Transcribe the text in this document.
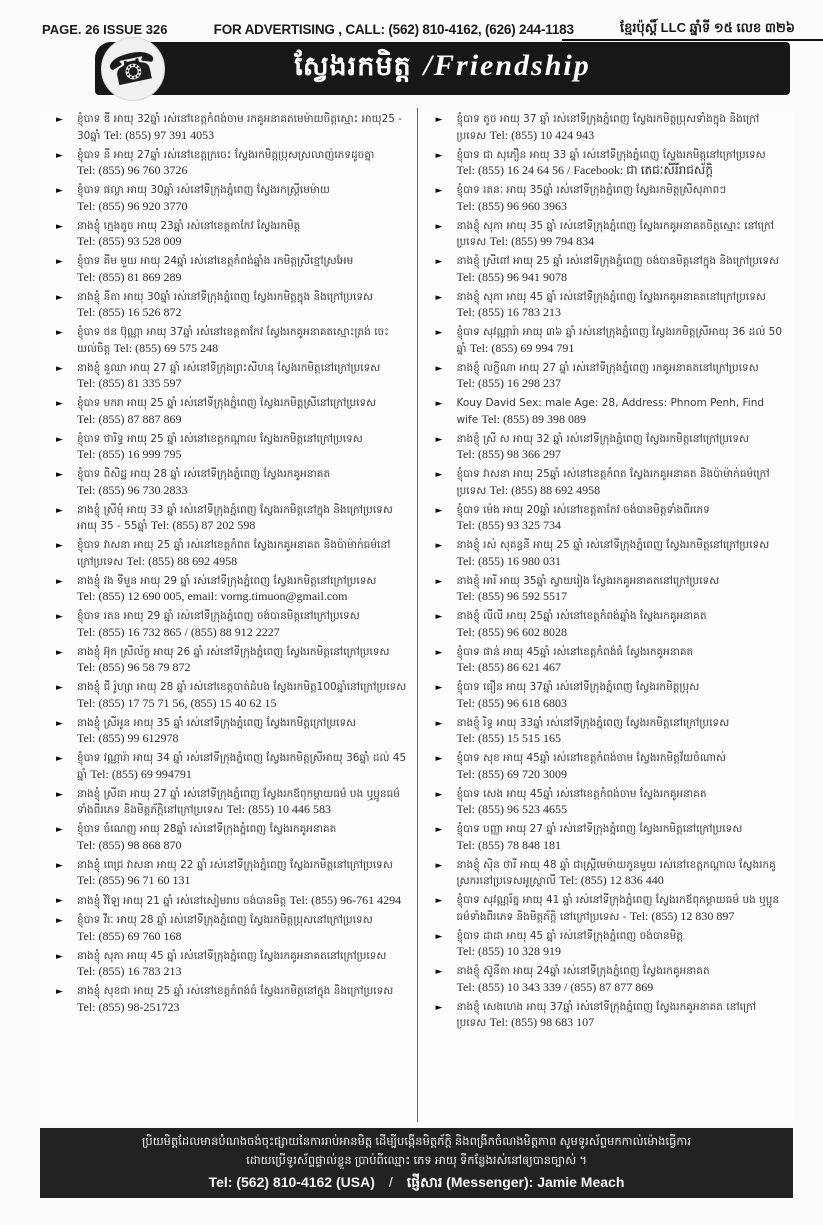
PAGE. 26 ISSUE 326	FOR ADVERTISING , CALL: (562) 810-4162, (626) 244-1183	ខ្មែរប៉ុស្ដិ៍ LLC ឆ្នាំទី ១៥ លេខ ៣២៦
☎	ស្វែងរកមិត្ត /Friendship
► ខ្ញុំបាទ ឌី អាយុ 32ឆ្នាំ រស់នៅខេត្តកំពង់ចាម រកគូអនាគតមេម៉ាយចិត្តស្មោះ អាយុ25 - 30ឆ្នាំ Tel: (855) 97 391 4053
► ខ្ញុំបាទ នី អាយុ 27ឆ្នាំ រស់នៅខេត្តក្រចេះ ស្វែងរកមិត្តប្រុសស្រលាញ់ភេទដូចគ្នា Tel: (855) 96 760 3726
► ខ្ញុំបាទ ផល្លា អាយុ 30ឆ្នាំ រស់នៅទីក្រុងភ្នំពេញ ស្វែងរកស្ត្រីមេម៉ាយ Tel: (855) 96 920 3770
► នាងខ្ញុំ ក្មេងតូច អាយុ 23ឆ្នាំ រស់នៅខេត្តតាកែវ ស្វែងរកមិត្ត Tel: (855) 93 528 009
► ខ្ញុំបាទ គីម មួយ អាយុ 24ឆ្នាំ រស់នៅខេត្តកំពង់ឆ្នាំង រកមិត្តស្រីខ្មៅស្រអែម Tel: (855) 81 869 289
► នាងខ្ញុំ នីតា អាយុ 30ឆ្នាំ រស់នៅទីក្រុងភ្នំពេញ ស្វែងរកមិត្តក្នុង និងក្រៅប្រទេស Tel: (855) 16 526 872
► ខ្ញុំបាទ ថន ប៊ុណ្ណា អាយុ 37ឆ្នាំ រស់នៅខេត្តតាកែវ ស្វែងរកគូអនាគតស្មោះត្រង់ ចេះយល់ចិត្ត Tel: (855) 69 575 248
► នាងខ្ញុំ នួឈា អាយុ 27 ឆ្នាំ រស់នៅទីក្រុងព្រះសីហនុ ស្វែងរកមិត្តនៅក្រៅប្រទេស Tel: (855) 81 335 597
► ខ្ញុំបាទ មករា អាយុ 25 ឆ្នាំ រស់នៅទីក្រុងភ្នំពេញ ស្វែងរកមិត្តស្រីនៅក្រៅប្រទេស Tel: (855) 87 887 869
► ខ្ញុំបាទ ថារិទ្ធ អាយុ 25 ឆ្នាំ រស់នៅខេត្តកណ្ដាល ស្វែងរកមិត្តនៅក្រៅប្រទេស Tel: (855) 16 999 795
► ខ្ញុំបាទ ពិសិដ្ឋ អាយុ 28 ឆ្នាំ រស់នៅទីក្រុងភ្នំពេញ ស្វែងរកគូអនាគត Tel: (855) 96 730 2833
► នាងខ្ញុំ ស្រីមុំ អាយុ 33 ឆ្នាំ រស់នៅទីក្រុងភ្នំពេញ ស្វែងរកមិត្តនៅក្នុង និងក្រៅប្រទេស អាយុ 35 - 55ឆ្នាំ Tel: (855) 87 202 598
► ខ្ញុំបាទ វាសនា អាយុ 25 ឆ្នាំ រស់នៅខេត្តកំពត ស្វែងរកគូអនាគត និងប៉ាម៉ាក់ធម៌នៅក្រៅប្រទេស Tel: (855) 88 692 4958
► នាងខ្ញុំ វង ទីមួន អាយុ 29 ឆ្នាំ រស់នៅទីក្រុងភ្នំពេញ ស្វែងរកមិត្តនៅក្រៅប្រទេស Tel: (855) 12 690 005, email: vorng.timuon@gmail.com
► ខ្ញុំបាទ រតន អាយុ 29 ឆ្នាំ រស់នៅទីក្រុងភ្នំពេញ ចង់បានមិត្តនៅក្រៅប្រទេស Tel: (855) 16 732 865 / (855) 88 912 2227
► នាងខ្ញុំ អ៊ុក ស្រីល័ក្ខ អាយុ 26 ឆ្នាំ រស់នៅទីក្រុងភ្នំពេញ ស្វែងរកមិត្តនៅក្រៅប្រទេស Tel: (855) 96 58 79 872
► នាងខ្ញុំ ជី រ៉ូហ្សា អាយុ 28 ឆ្នាំ រស់នៅខេត្តបាត់ដំបង ស្វែងរកមិត្ត100ឆ្នាំនៅក្រៅប្រទេស Tel: (855) 17 75 71 56, (855) 15 40 62 15
► នាងខ្ញុំ ស្រីអូន អាយុ 35 ឆ្នាំ រស់នៅទីក្រុងភ្នំពេញ ស្វែងរកមិត្តក្រៅប្រទេស Tel: (855) 99 612978
► ខ្ញុំបាទ វណ្ណារ៉ា អាយុ 34 ឆ្នាំ រស់នៅទីក្រុងភ្នំពេញ ស្វែងរកមិត្តស្រីអាយុ 36ឆ្នាំ ដល់ 45 ឆ្នាំ Tel: (855) 69 994791
► នាងខ្ញុំ ស្រីដា អាយុ 27 ឆ្នាំ រស់នៅទីក្រុងភ្នំពេញ ស្វែងរកឪពុកម្ដាយធម៌ បង ឬប្អូនធម៌ទាំងពីរភេទ និងមិត្តភ័ក្ដិនៅក្រៅប្រទេស Tel: (855) 10 446 583
► ខ្ញុំបាទ ចំណេញ អាយុ 28ឆ្នាំ រស់នៅទីក្រុងភ្នំពេញ ស្វែងរកគូអនាគត Tel: (855) 98 868 870
► នាងខ្ញុំ ពេជ្រ វាសនា អាយុ 22 ឆ្នាំ រស់នៅទីក្រុងភ្នំពេញ ស្វែងរកមិត្តនៅក្រៅប្រទេស Tel: (855) 96 71 60 131
► នាងខ្ញុំ វិឡៃ អាយុ 21 ឆ្នាំ រស់នៅសៀមរាប ចង់បានមិត្ត Tel: (855) 96-761 4294
► ខ្ញុំបាទ វីរៈ អាយុ 28 ឆ្នាំ រស់នៅទីក្រុងភ្នំពេញ ស្វែងរកមិត្តប្រុសនៅក្រៅប្រទេស Tel: (855) 69 760 168
► នាងខ្ញុំ សុភា អាយុ 45 ឆ្នាំ រស់នៅទីក្រុងភ្នំពេញ ស្វែងរកគូអនាគតនៅក្រៅប្រទេស Tel: (855) 16 783 213
► នាងខ្ញុំ សុខជា អាយុ 25 ឆ្នាំ រស់នៅខេត្តកំពង់ធំ ស្វែងរកមិត្តនៅក្នុង និងក្រៅប្រទេស Tel: (855) 98-251723
► ខ្ញុំបាទ តូច អាយុ 37 ឆ្នាំ រស់នៅទីក្រុងភ្នំពេញ ស្វែងរកមិត្តប្រុសទាំងក្នុង និងក្រៅប្រទេស Tel: (855) 10 424 943
► ខ្ញុំបាទ ជា សុភឿន អាយុ 33 ឆ្នាំ រស់នៅទីក្រុងភ្នំពេញ ស្វែងរកមិត្តនៅក្រៅប្រទេស Tel: (855) 16 24 64 56 / Facebook: ជា តេជៈសីរីរាជស័ក្ដិ
► ខ្ញុំបាទ រតនៈ អាយុ 35ឆ្នាំ រស់នៅទីក្រុងភ្នំពេញ ស្វែងរកមិត្តស្រីសុភាពៗ Tel: (855) 96 960 3963
► នាងខ្ញុំ សុភា អាយុ 35 ឆ្នាំ រស់នៅទីក្រុងភ្នំពេញ ស្វែងរកគូអនាគតចិត្តស្មោះ នៅក្រៅប្រទេស Tel: (855) 99 794 834
► នាងខ្ញុំ ស្រីពៅ អាយុ 25 ឆ្នាំ រស់នៅទីក្រុងភ្នំពេញ ចង់បានមិត្តនៅក្នុង និងក្រៅប្រទេស Tel: (855) 96 941 9078
► នាងខ្ញុំ សុភា អាយុ 45 ឆ្នាំ រស់នៅទីក្រុងភ្នំពេញ ស្វែងរកគូអនាគតនៅក្រៅប្រទេស Tel: (855) 16 783 213
► ខ្ញុំបាទ សុវណ្ណារ៉ា អាយុ ៣៦ ឆ្នាំ រស់នៅក្រុងភ្នំពេញ ស្វែងរកមិត្តស្រីអាយុ 36 ដល់ 50 ឆ្នាំ Tel: (855) 69 994 791
► នាងខ្ញុំ លក្ខិណា អាយុ 27 ឆ្នាំ រស់នៅទីក្រុងភ្នំពេញ រកគូអនាគតនៅក្រៅប្រទេស Tel: (855) 16 298 237
► Kouy David Sex: male Age: 28, Address: Phnom Penh, Find wife Tel: (855) 89 398 089
► នាងខ្ញុំ ស្រី ស អាយុ 32 ឆ្នាំ រស់នៅទីក្រុងភ្នំពេញ ស្វែងរកមិត្តនៅក្រៅប្រទេស Tel: (855) 98 366 297
► ខ្ញុំបាទ វាសនា អាយុ 25ឆ្នាំ រស់នៅខេត្តកំពត ស្វែងរកគូអនាគត និងប៉ាម៉ាក់ធម៌ក្រៅប្រទេស Tel: (855) 88 692 4958
► ខ្ញុំបាទ ម៉េង អាយុ 20ឆ្នាំ រស់នៅខេត្តតាកែវ ចង់បានមិត្តទាំងពីរភេទ Tel: (855) 93 325 734
► នាងខ្ញុំ រស់ សុគន្ធនី អាយុ 25 ឆ្នាំ រស់នៅទីក្រុងភ្នំពេញ ស្វែងរកមិត្តនៅក្រៅប្រទេស Tel: (855) 16 980 031
► នាងខ្ញុំ អារី អាយុ 35ឆ្នាំ ស្វាយរៀង ស្វែងរកគូអនាគតនៅក្រៅប្រទេស Tel: (855) 96 592 5517
► នាងខ្ញុំ លីលី អាយុ 25ឆ្នាំ រស់នៅខេត្តកំពង់ឆ្នាំង ស្វែងរកគូអនាគត Tel: (855) 96 602 8028
► ខ្ញុំបាទ ផាន់ អាយុ 45ឆ្នាំ រស់នៅខេត្តកំពង់ធំ ស្វែងរកគូអនាគត Tel: (855) 86 621 467
► ខ្ញុំបាទ ធឿន អាយុ 37ឆ្នាំ រស់នៅទីក្រុងភ្នំពេញ ស្វែងរកមិត្តប្រុស Tel: (855) 96 618 6803
► នាងខ្ញុំ រិទ្ធ អាយុ 33ឆ្នាំ រស់នៅទីក្រុងភ្នំពេញ ស្វែងរកមិត្តនៅក្រៅប្រទេស Tel: (855) 15 515 165
► ខ្ញុំបាទ សុខ អាយុ 45ឆ្នាំ រស់នៅខេត្តកំពង់ចាម ស្វែងរកមិត្តវ័យចំណាស់ Tel: (855) 69 720 3009
► ខ្ញុំបាទ សេង អាយុ 45ឆ្នាំ រស់នៅខេត្តកំពង់ចាម ស្វែងរកគូអនាគត Tel: (855) 96 523 4655
► ខ្ញុំបាទ បញ្ញា អាយុ 27 ឆ្នាំ រស់នៅទីក្រុងភ្នំពេញ ស្វែងរកមិត្តនៅក្រៅប្រទេស Tel: (855) 78 848 181
► នាងខ្ញុំ ស៊ិន ថារី អាយុ 48 ឆ្នាំ ជាស្ត្រីមេម៉ាយកូនមួយ រស់នៅខេត្តកណ្ដាល ស្វែងរកគូស្រករនៅប្រទេសអូស្ត្រាលី Tel: (855) 12 836 440
► ខ្ញុំបាទ សុវណ្ណរ័ត្ន អាយុ 41 ឆ្នាំ រស់នៅទីក្រុងភ្នំពេញ ស្វែងរកឪពុកម្ដាយធម៌ បង ឬប្អូនធម៌ទាំងពីរភេទ និងមិត្តភ័ក្ដិ នៅក្រៅប្រទេស - Tel: (855) 12 830 897
► ខ្ញុំបាទ ដាដា អាយុ 45 ឆ្នាំ រស់នៅទីក្រុងភ្នំពេញ ចង់បានមិត្ត Tel: (855) 10 328 919
► នាងខ្ញុំ ស៊ូនីតា អាយុ 24ឆ្នាំ រស់នៅទីក្រុងភ្នំពេញ ស្វែងរកគូអនាគត Tel: (855) 10 343 339 / (855) 87 877 869
► នាងខ្ញុំ សេងហេង អាយុ 37ឆ្នាំ រស់នៅទីក្រុងភ្នំពេញ ស្វែងរកគូអនាគត នៅក្រៅប្រទេស Tel: (855) 98 683 107
ប្រិយមិត្តដែលមានបំណងចង់ចុះផ្សាយនៃការរាប់អានមិត្ត ដើម្បីបង្កើនមិត្តភ័ក្ដិ និងពង្រីកចំណងមិត្តភាព សូមទូរស័ព្ទមកកាល់ម៉ោងធ្វើការ
ដោយប្រើទូរស័ព្ទផ្ទាល់ខ្លួន ប្រាប់ពីឈ្មោះ ភេទ អាយុ ទីកន្លែងរស់នៅឲ្យបានច្បាស់ ។
Tel: (562) 810-4162 (USA) / ផ្ញើសារ (Messenger): Jamie Meach
